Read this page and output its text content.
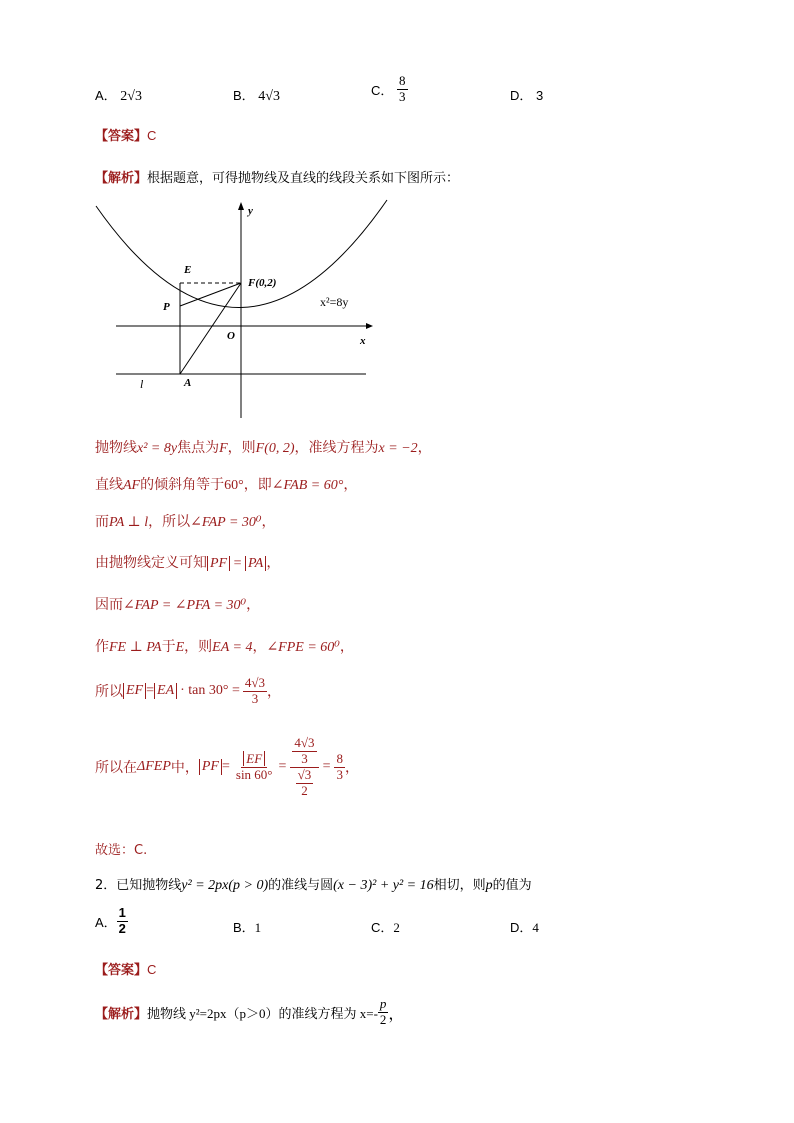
A． 2√3	B． 4√3	C． $\frac{8}{3}$	D． 3
【答案】C
【解析】根据题意，可得抛物线及直线的线段关系如下图所示：
y
x
E
F(0,2)
P
O
A
l
x²=8y
抛物线x² = 8y焦点为F，则F(0, 2)，准线方程为x = −2，
直线AF的倾斜角等于60°，即∠FAB = 60°，
而PA ⊥ l，所以∠FAP = 30⁰，
由抛物线定义可知 PF = PA ，
因而∠FAP = ∠PFA = 30⁰，
作FE ⊥ PA于E，则EA = 4，∠FPE = 60⁰，
所以 EF = EA · $\tan 30^\circ = \frac{4√3}{3}$ ，
所以在 ΔFEP 中， PF = $\frac{EF}{\sin 60^\circ} = \frac{\frac{4√3}{3}}{\frac{√3}{2}} = \frac{8}{3}$ ，
故选：C.
2．已知抛物线y² = 2px(p > 0)的准线与圆(x − 3)² + y² = 16相切，则p的值为
A． $\frac{1}{2}$	B．1	C．2	D．4
【答案】C
【解析】 抛物线 y²=2px（p＞0）的准线方程为 $x=- \frac{p}{2}$ ，
